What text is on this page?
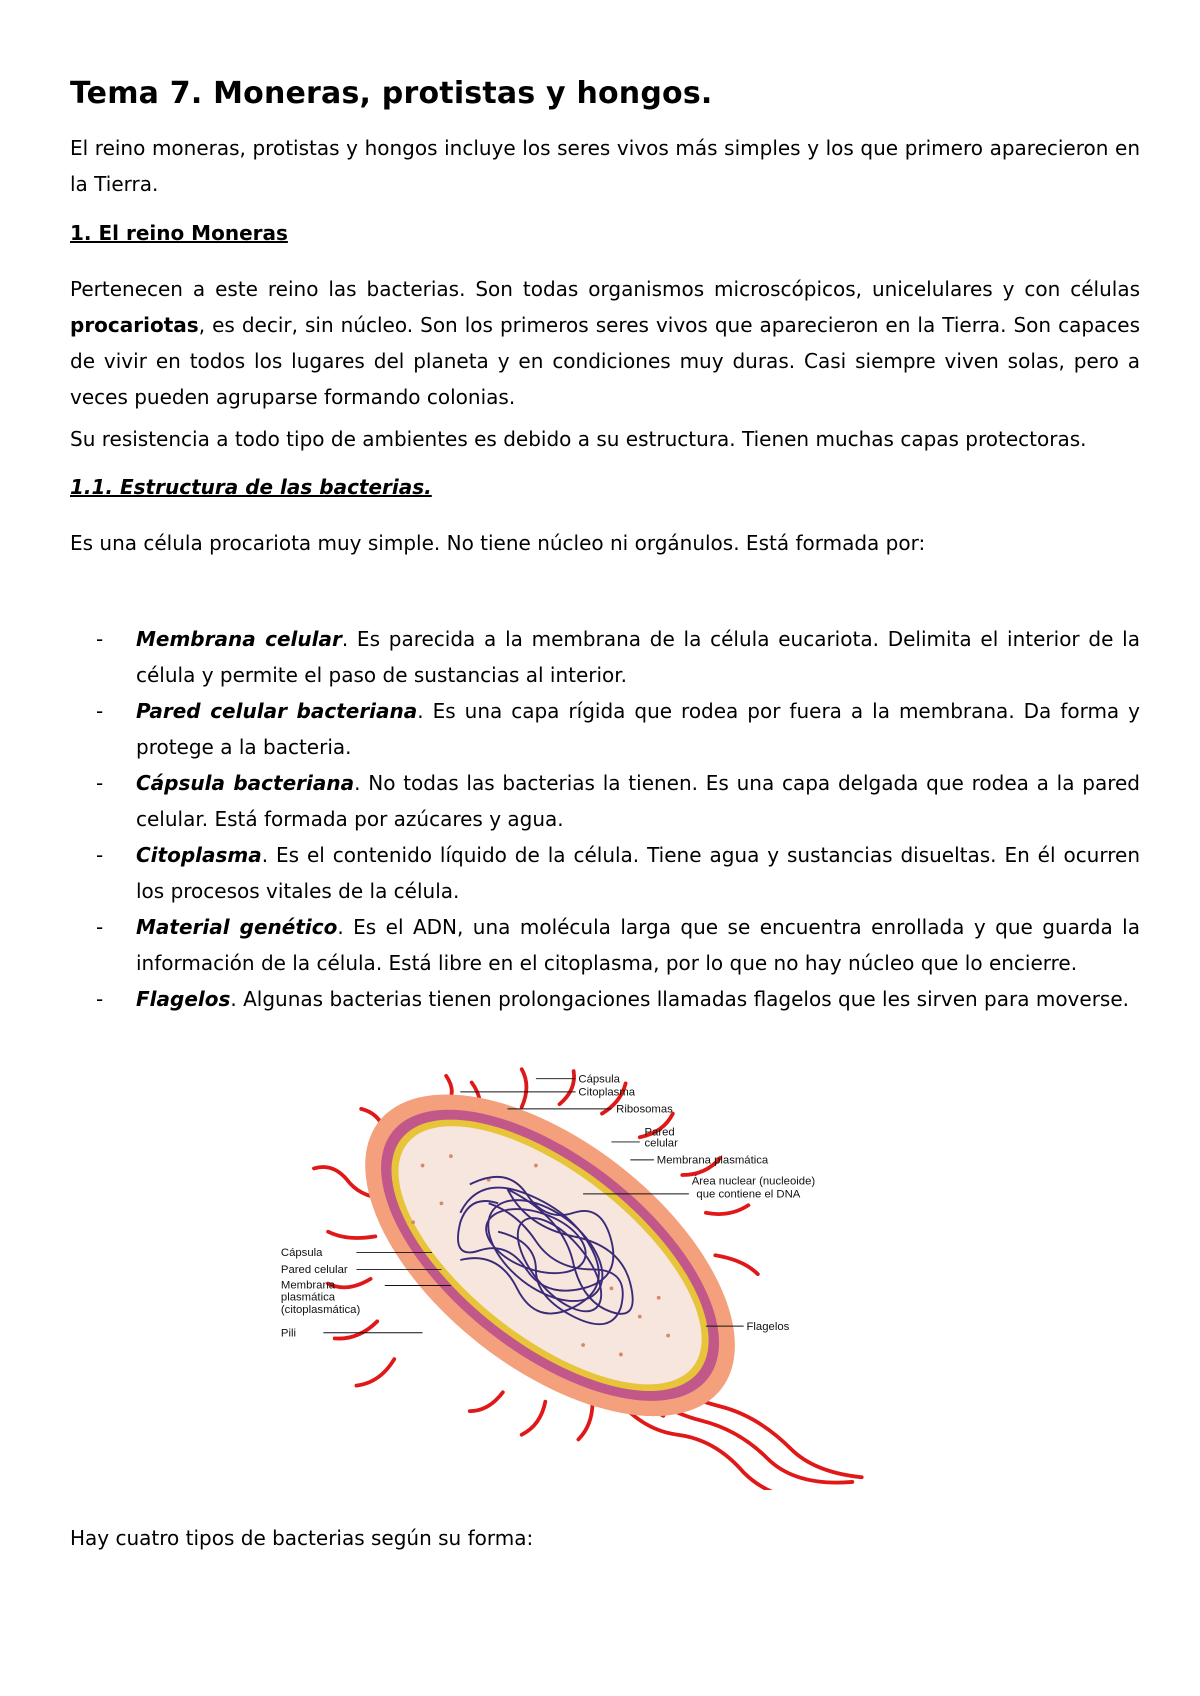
Tema 7. Moneras, protistas y hongos.

El reino moneras, protistas y hongos incluye los seres vivos más simples y los que primero aparecieron en la Tierra.

1. El reino Moneras

Pertenecen a este reino las bacterias. Son todas organismos microscópicos, unicelulares y con células procariotas, es decir, sin núcleo. Son los primeros seres vivos que aparecieron en la Tierra. Son capaces de vivir en todos los lugares del planeta y en condiciones muy duras. Casi siempre viven solas, pero a veces pueden agruparse formando colonias.

Su resistencia a todo tipo de ambientes es debido a su estructura. Tienen muchas capas protectoras.

1.1. Estructura de las bacterias.

Es una célula procariota muy simple. No tiene núcleo ni orgánulos. Está formada por:

- Membrana celular. Es parecida a la membrana de la célula eucariota. Delimita el interior de la célula y permite el paso de sustancias al interior.
- Pared celular bacteriana. Es una capa rígida que rodea por fuera a la membrana. Da forma y protege a la bacteria.
- Cápsula bacteriana. No todas las bacterias la tienen. Es una capa delgada que rodea a la pared celular. Está formada por azúcares y agua.
- Citoplasma. Es el contenido líquido de la célula. Tiene agua y sustancias disueltas. En él ocurren los procesos vitales de la célula.
- Material genético. Es el ADN, una molécula larga que se encuentra enrollada y que guarda la información de la célula. Está libre en el citoplasma, por lo que no hay núcleo que lo encierre.
- Flagelos. Algunas bacterias tienen prolongaciones llamadas flagelos que les sirven para moverse.

Hay cuatro tipos de bacterias según su forma:

Cápsula
Citoplasma
Ribosomas
Pared
celular
Membrana plasmática
Área nuclear (nucleoide)
que contiene el DNA
Cápsula
Pared celular
Membrana
plasmática
(citoplasmática)
Pili
Flagelos
